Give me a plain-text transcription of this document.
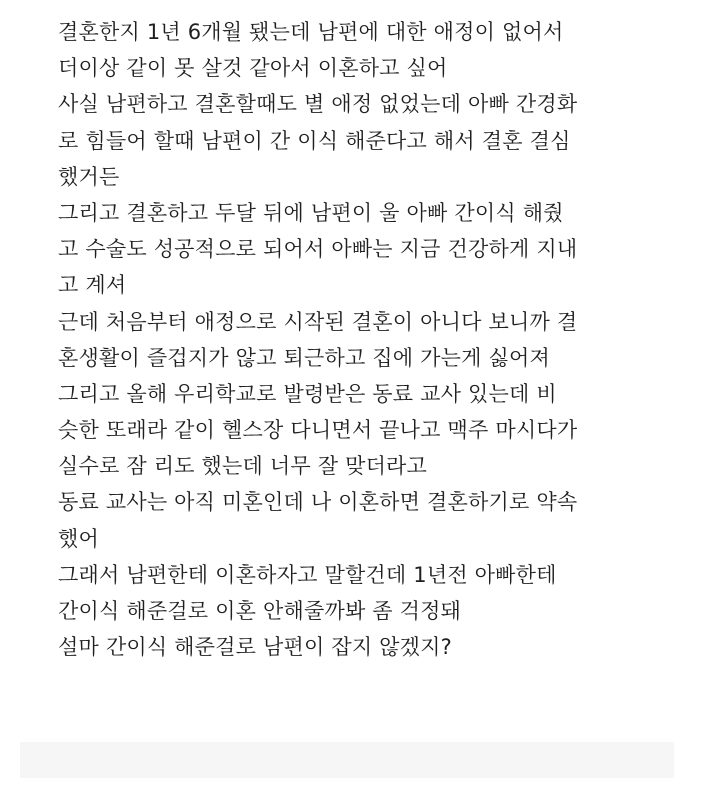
결혼한지 1년 6개월 됐는데 남편에 대한 애정이 없어서
더이상 같이 못 살것 같아서 이혼하고 싶어
사실 남편하고 결혼할때도 별 애정 없었는데 아빠 간경화
로 힘들어 할때 남편이 간 이식 해준다고 해서 결혼 결심
했거든
그리고 결혼하고 두달 뒤에 남편이 울 아빠 간이식 해줬
고 수술도 성공적으로 되어서 아빠는 지금 건강하게 지내
고 계셔
근데 처음부터 애정으로 시작된 결혼이 아니다 보니까 결
혼생활이 즐겁지가 않고 퇴근하고 집에 가는게 싫어져
그리고 올해 우리학교로 발령받은 동료 교사 있는데 비
슷한 또래라 같이 헬스장 다니면서 끝나고 맥주 마시다가
실수로 잠 리도 했는데 너무 잘 맞더라고
동료 교사는 아직 미혼인데 나 이혼하면 결혼하기로 약속
했어
그래서 남편한테 이혼하자고 말할건데 1년전 아빠한테
간이식 해준걸로 이혼 안해줄까봐 좀 걱정돼
설마 간이식 해준걸로 남편이 잡지 않겠지?
